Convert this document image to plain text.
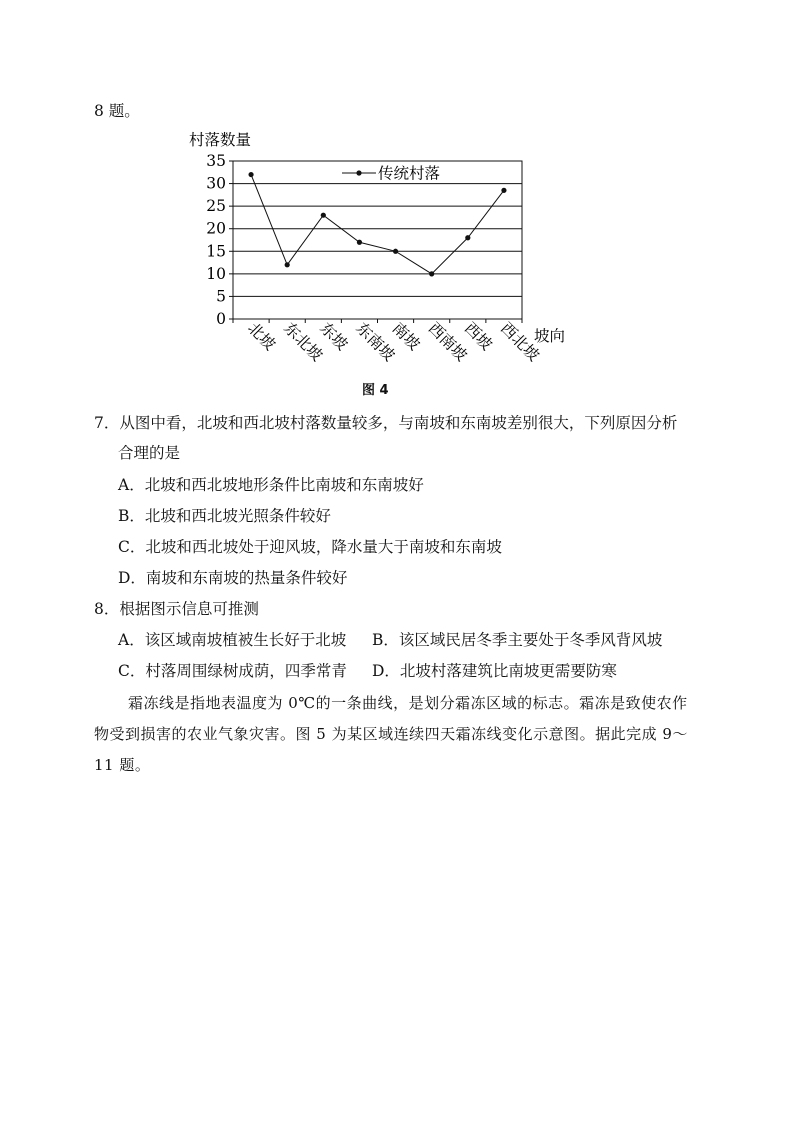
8 题。
村落数量
0
5
10
15
20
25
30
35
北坡 东北坡
东坡 东南坡
南坡 西南坡
西坡 西北坡
传统村落
坡向
图 4
7．从图中看，北坡和西北坡村落数量较多，与南坡和东南坡差别很大，下列原因分析
合理的是
A．北坡和西北坡地形条件比南坡和东南坡好
B．北坡和西北坡光照条件较好
C．北坡和西北坡处于迎风坡，降水量大于南坡和东南坡
D．南坡和东南坡的热量条件较好
8．根据图示信息可推测
A．该区域南坡植被生长好于北坡 B．该区域民居冬季主要处于冬季风背风坡
C．村落周围绿树成荫，四季常青 D．北坡村落建筑比南坡更需要防寒
霜冻线是指地表温度为 0℃的一条曲线，是划分霜冻区域的标志。霜冻是致使农作
物受到损害的农业气象灾害。图 5 为某区域连续四天霜冻线变化示意图。据此完成 9～
11 题。
